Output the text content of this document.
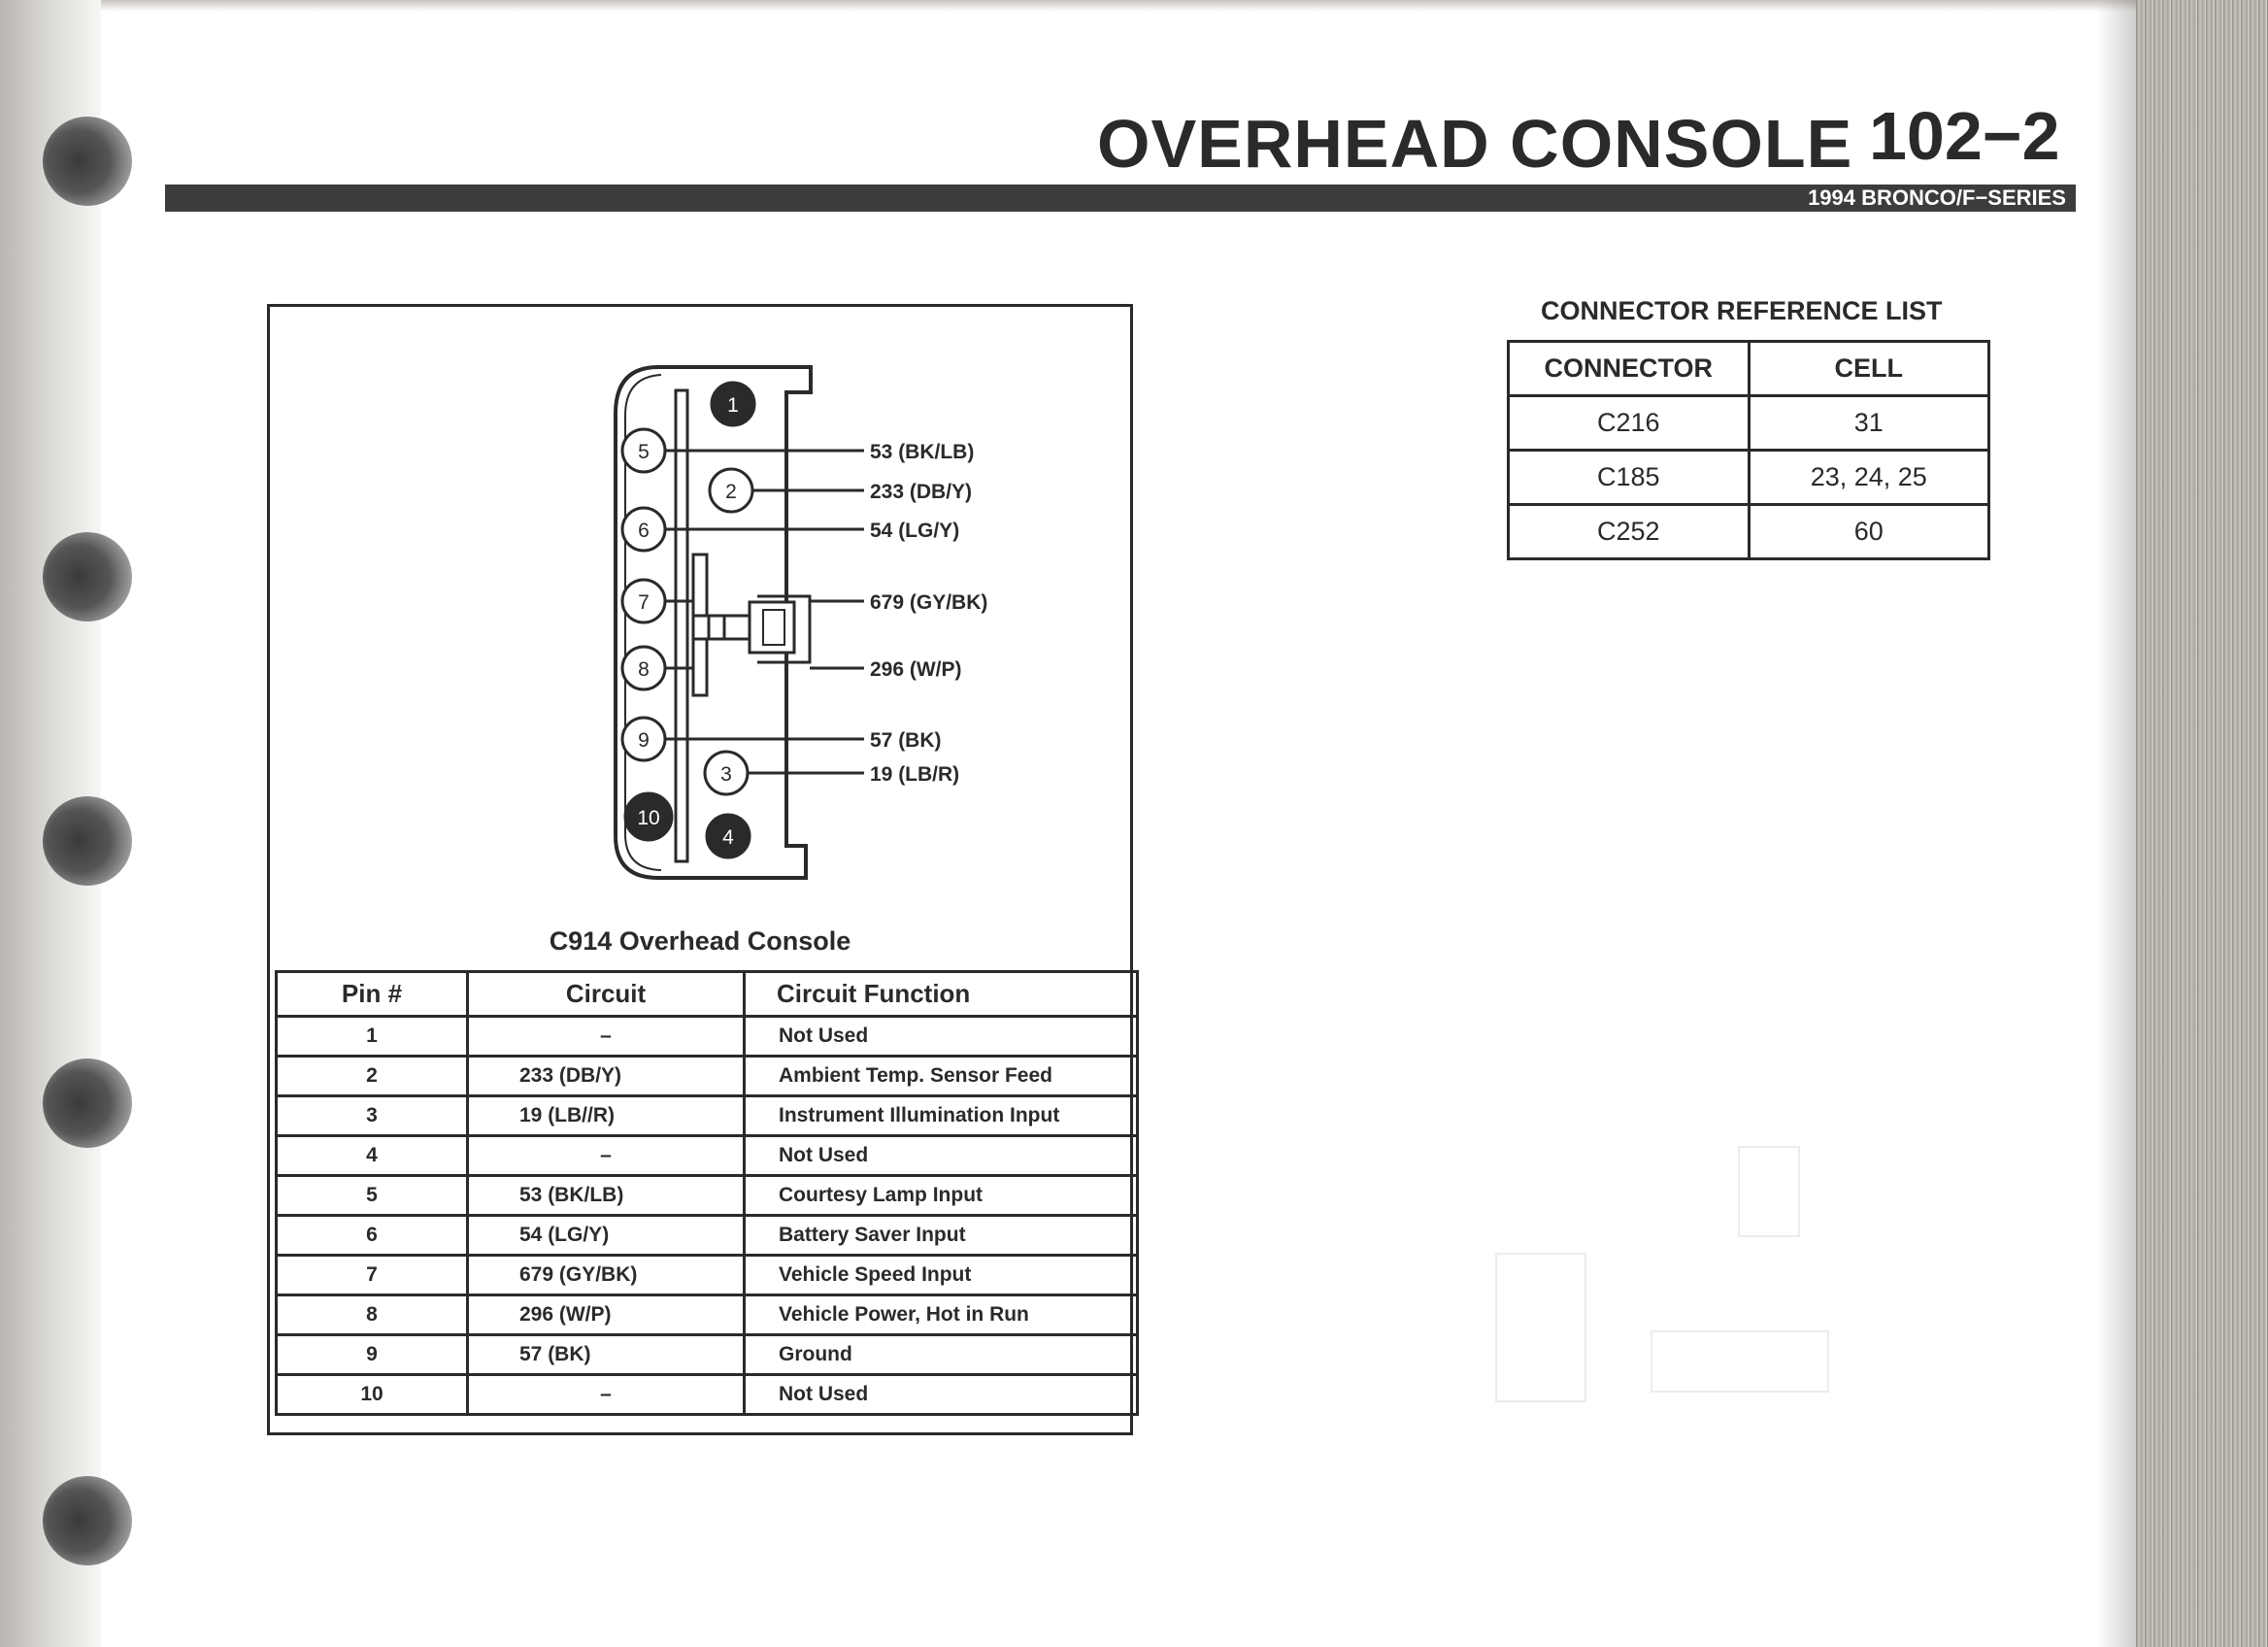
OVERHEAD CONSOLE 102−2
1994 BRONCO/F−SERIES
1
5
2
6
7
8
9
3
10
4
53 (BK/LB)
233 (DB/Y)
54 (LG/Y)
679 (GY/BK)
296 (W/P)
57 (BK)
19 (LB/R)
C914 Overhead Console
Pin #	Circuit	Circuit Function
1	–	Not Used
2	233 (DB/Y)	Ambient Temp. Sensor Feed
3	19 (LB//R)	Instrument Illumination Input
4	–	Not Used
5	53 (BK/LB)	Courtesy Lamp Input
6	54 (LG/Y)	Battery Saver Input
7	679 (GY/BK)	Vehicle Speed Input
8	296 (W/P)	Vehicle Power, Hot in Run
9	57 (BK)	Ground
10	–	Not Used
CONNECTOR REFERENCE LIST
CONNECTOR	CELL
C216	31
C185	23, 24, 25
C252	60
